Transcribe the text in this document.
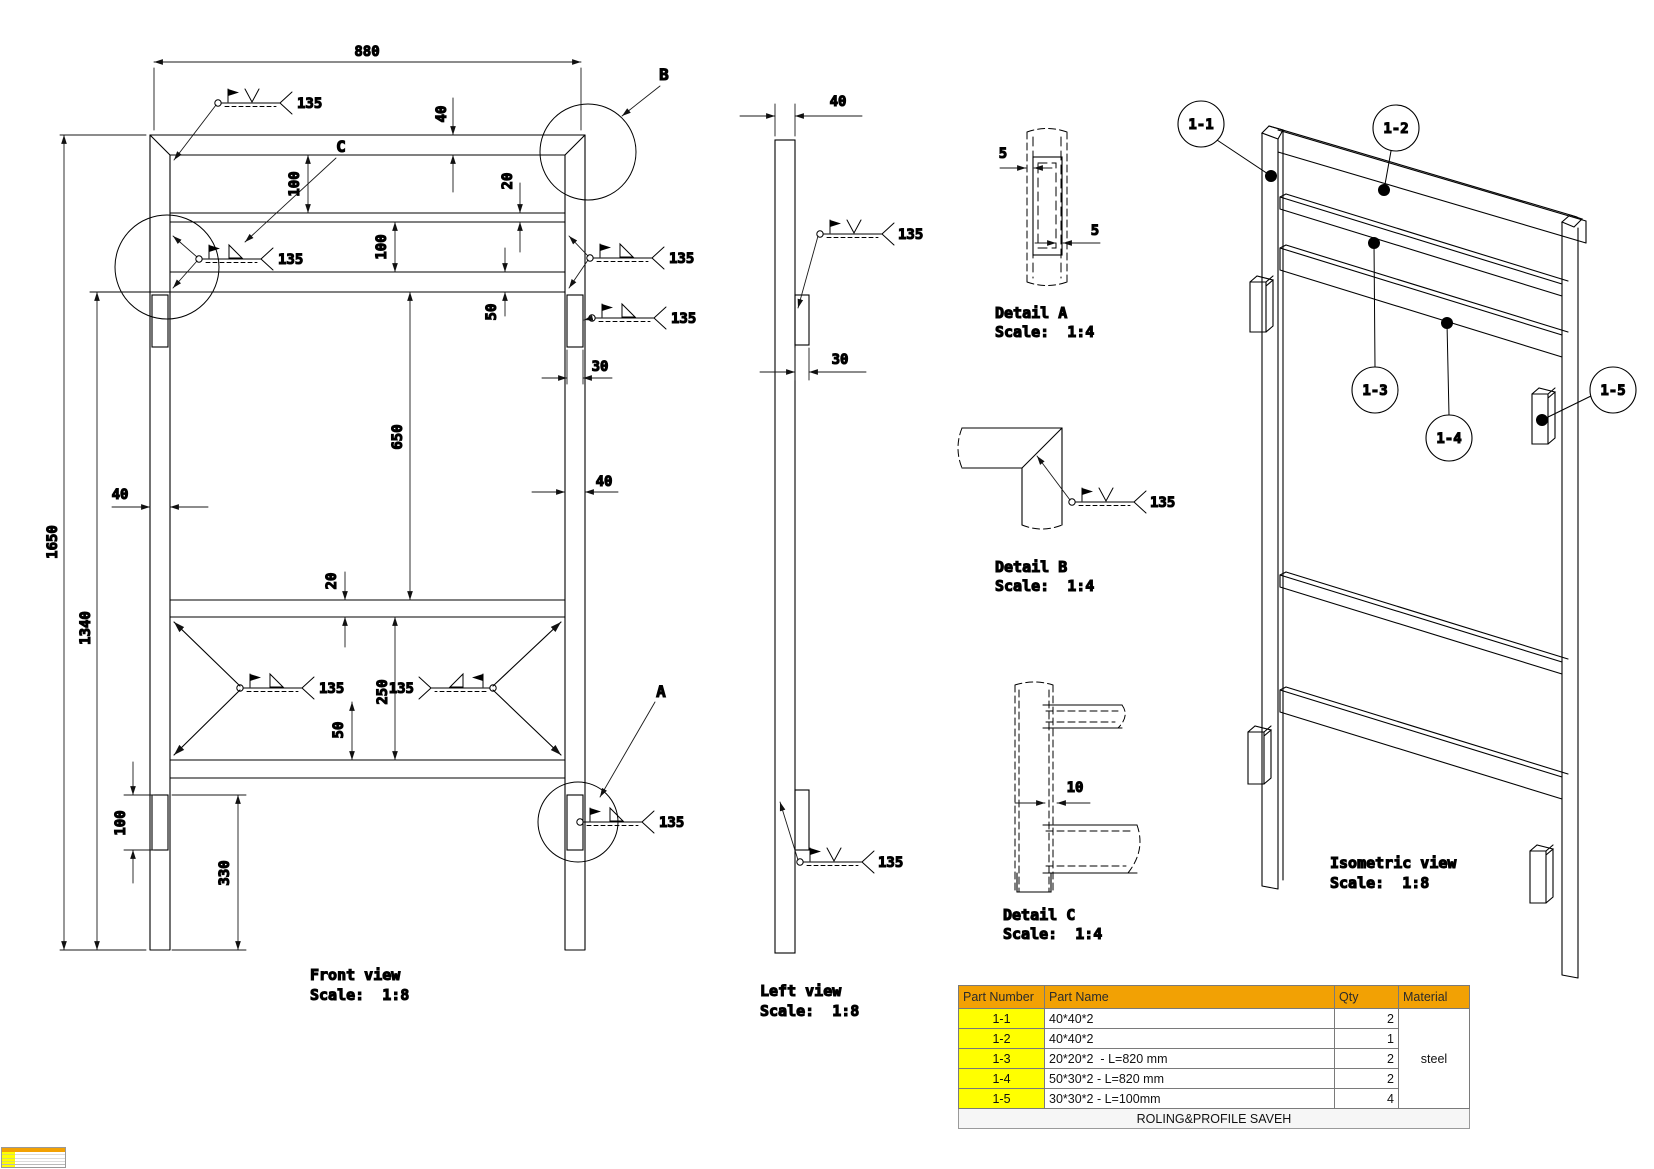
880
1650
1340
40
100	20
100
50
30
650
40
40
20
250
50
100
330
135
135	135
135
135	135
135
B
C
A
Front view
Scale:  1:8
40
30
135
135
Left view
Scale:  1:8
5
5
Detail A
Scale:  1:4
135
Detail B
Scale:  1:4
10
Detail C
Scale:  1:4
1-1	1-2
1-3
1-4
1-5
Isometric view
Scale:  1:8
Part Number	Part Name	Qty	Material
1-1	40*40*2	2	steel
1-2	40*40*2	1	
1-3	20*20*2  - L=820 mm	2	
1-4	50*30*2 - L=820 mm	2	
1-5	30*30*2 - L=100mm	4	
ROLING&PROFILE SAVEH			
